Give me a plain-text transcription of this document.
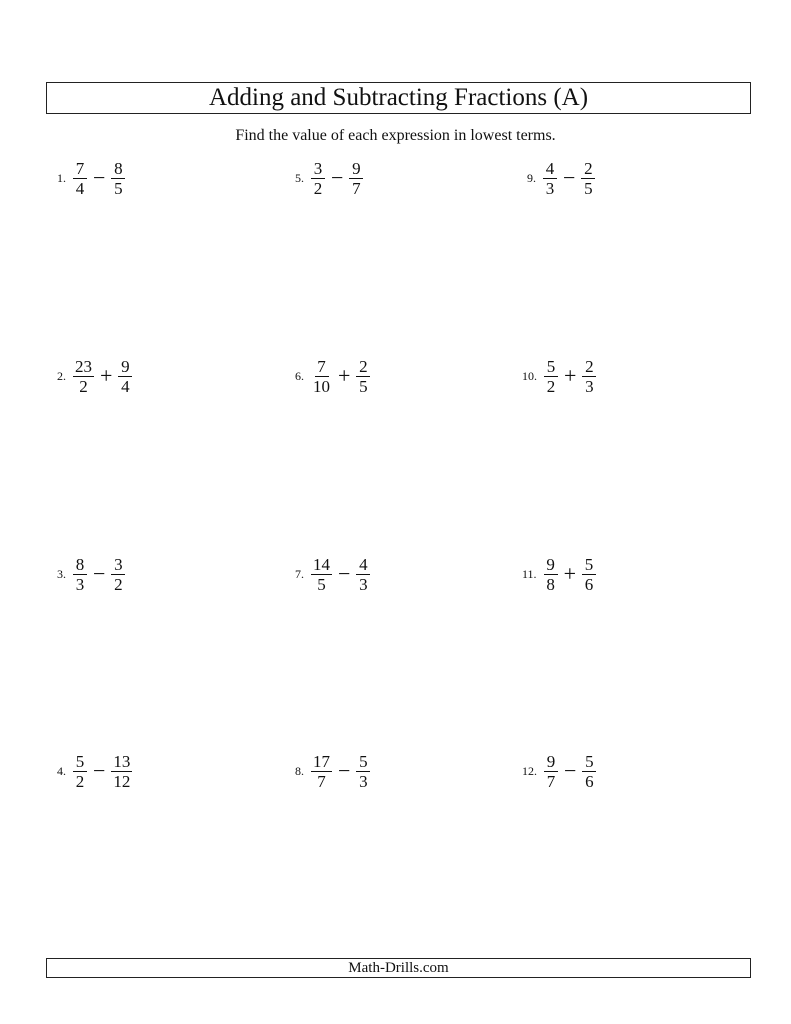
Adding and Subtracting Fractions (A)
Find the value of each expression in lowest terms.
1. $\frac{7}{4} - \frac{8}{5}$
2. $\frac{23}{2} + \frac{9}{4}$
3. $\frac{8}{3} - \frac{3}{2}$
4. $\frac{5}{2} - \frac{13}{12}$
5. $\frac{3}{2} - \frac{9}{7}$
6. $\frac{7}{10} + \frac{2}{5}$
7. $\frac{14}{5} - \frac{4}{3}$
8. $\frac{17}{7} - \frac{5}{3}$
9. $\frac{4}{3} - \frac{2}{5}$
10. $\frac{5}{2} + \frac{2}{3}$
11. $\frac{9}{8} + \frac{5}{6}$
12. $\frac{9}{7} - \frac{5}{6}$
Math-Drills.com
